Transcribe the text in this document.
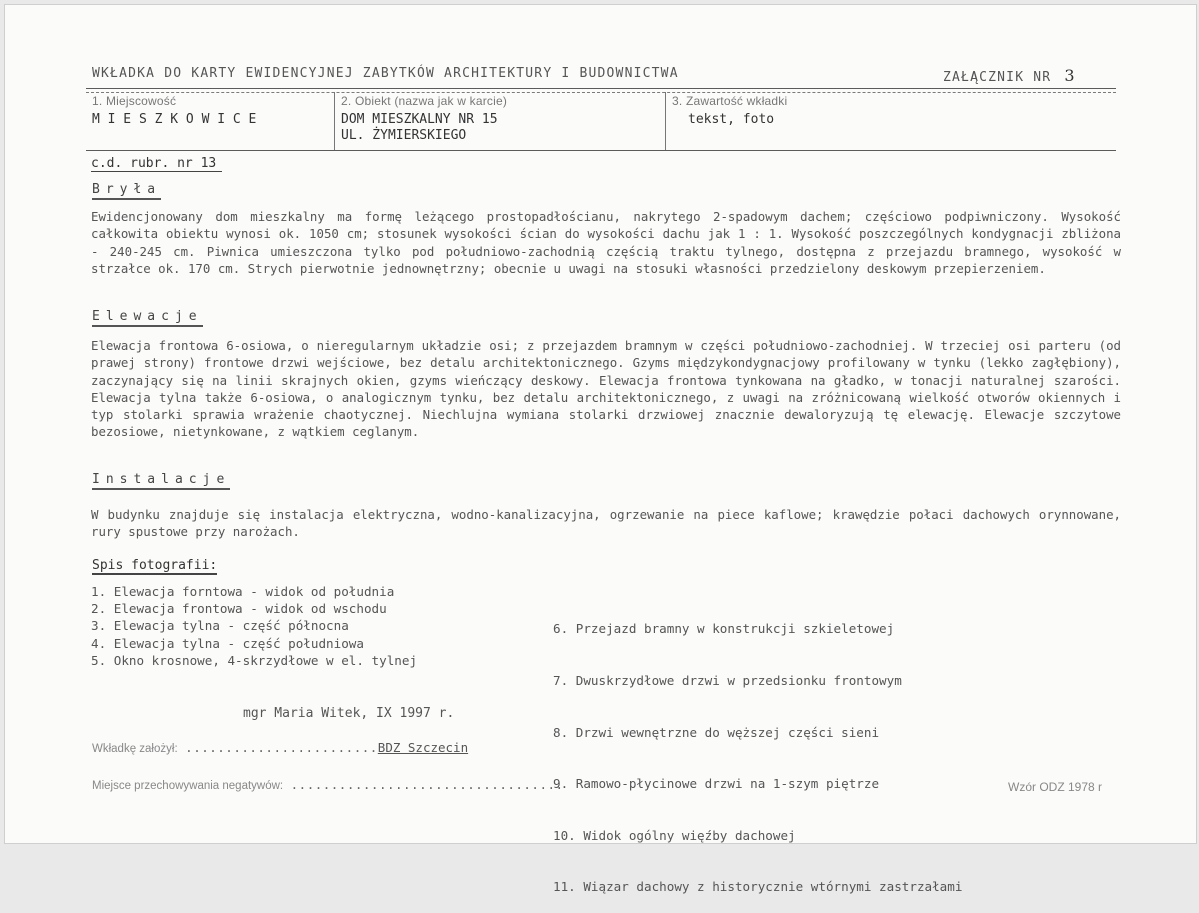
WKŁADKA DO KARTY EWIDENCYJNEJ ZABYTKÓW ARCHITEKTURY I BUDOWNICTWA	ZAŁĄCZNIK NR 3
1. Miejscowość
M I E S Z K O W I C E
2. Obiekt (nazwa jak w karcie)
DOM MIESZKALNY NR 15
UL. ŻYMIERSKIEGO
3. Zawartość wkładki
tekst, foto
c.d. rubr. nr 13
Bryła

Ewidencjonowany dom mieszkalny ma formę leżącego prostopadłościanu, nakrytego 2-spadowym dachem; częściowo podpiwniczony. Wysokość całkowita obiektu wynosi ok. 1050 cm; stosunek wysokości ścian do wysokości dachu jak 1 : 1. Wysokość poszczególnych kondygnacji zbliżona - 240-245 cm. Piwnica umieszczona tylko pod południowo-zachodnią częścią traktu tylnego, dostępna z przejazdu bramnego, wysokość w strzałce ok. 170 cm. Strych pierwotnie jednownętrzny; obecnie u uwagi na stosuki własności przedzielony deskowym przepierzeniem.

Elewacje

Elewacja frontowa 6-osiowa, o nieregularnym układzie osi; z przejazdem bramnym w części południowo-zachodniej. W trzeciej osi parteru (od prawej strony) frontowe drzwi wejściowe, bez detalu architektonicznego. Gzyms międzykondygnacjowy profilowany w tynku (lekko zagłębiony), zaczynający się na linii skrajnych okien, gzyms wieńczący deskowy. Elewacja frontowa tynkowana na gładko, w tonacji naturalnej szarości. Elewacja tylna także 6-osiowa, o analogicznym tynku, bez detalu architektonicznego, z uwagi na zróżnicowaną wielkość otworów okiennych i typ stolarki sprawia wrażenie chaotycznej. Niechlujna wymiana stolarki drzwiowej znacznie dewaloryzują tę elewację. Elewacje szczytowe bezosiowe, nietynkowane, z wątkiem ceglanym.

Instalacje

W budynku znajduje się instalacja elektryczna, wodno-kanalizacyjna, ogrzewanie na piece kaflowe; krawędzie połaci dachowych orynnowane, rury spustowe przy narożach.

Spis fotografii:
1. Elewacja forntowa - widok od południa
2. Elewacja frontowa - widok od wschodu
3. Elewacja tylna - część północna
4. Elewacja tylna - część południowa
5. Okno krosnowe, 4-skrzydłowe w el. tylnej

6. Przejazd bramny w konstrukcji szkieletowej

7. Dwuskrzydłowe drzwi w przedsionku frontowym

8. Drzwi wewnętrzne do węższej części sieni

9. Ramowo-płycinowe drzwi na 1-szym piętrze

10. Widok ogólny więźby dachowej

11. Wiązar dachowy z historycznie wtórnymi zastrzałami

mgr Maria Witek, IX 1997 r.
Wkładkę założył: ........................BDZ Szczecin
Miejsce przechowywania negatywów: ..................................	Wzór ODZ 1978 r
